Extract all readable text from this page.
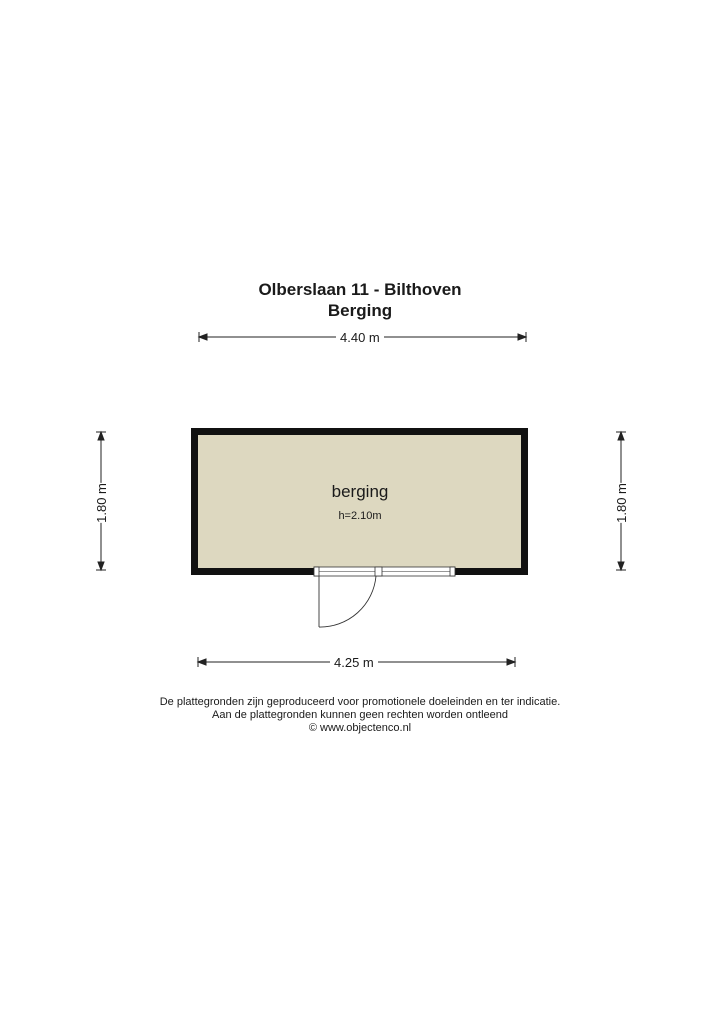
Olberslaan 11 - Bilthoven
Berging
4.40 m
4.25 m
1.80 m	1.80 m
berging
h=2.10m
De plattegronden zijn geproduceerd voor promotionele doeleinden en ter indicatie.
Aan de plattegronden kunnen geen rechten worden ontleend
© www.objectenco.nl
